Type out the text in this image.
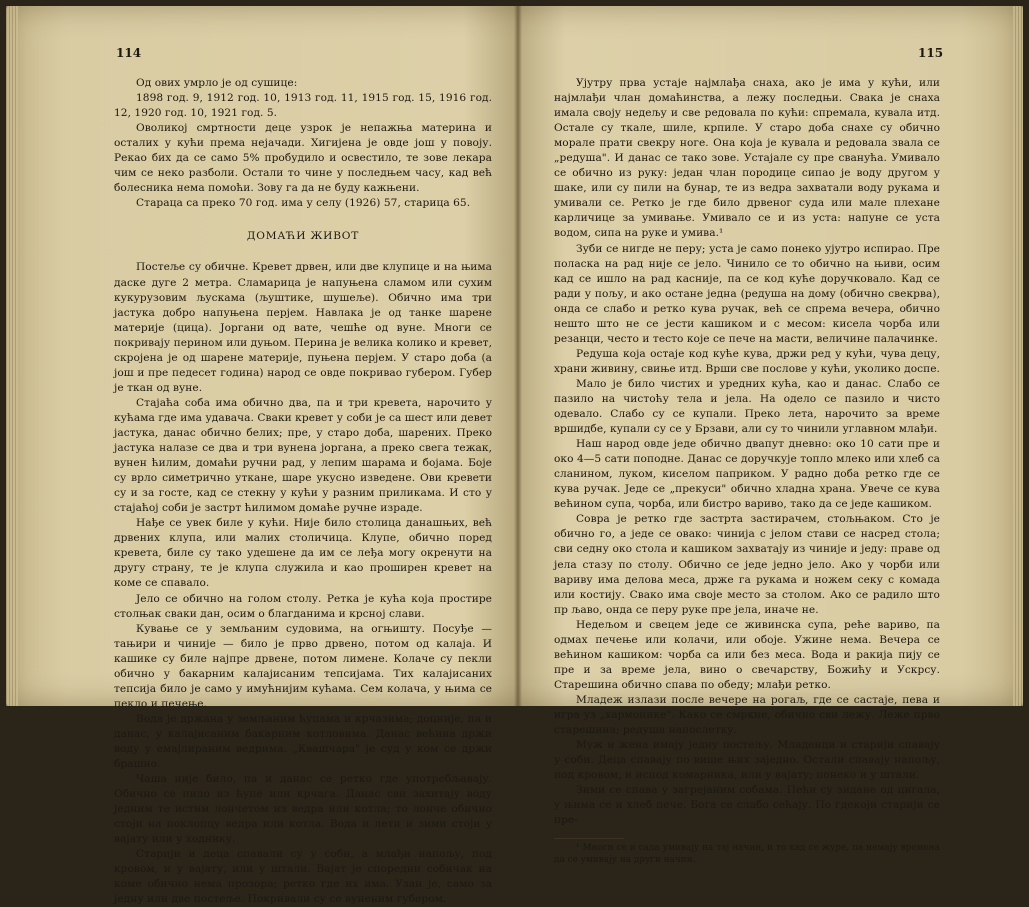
114

Од ових умрло је од сушице:

1898 год. 9, 1912 год. 10, 1913 год. 11, 1915 год. 15, 1916 год. 12, 1920 год. 10, 1921 год. 5.

Оволикој смртности деце узрок је непажња материна и осталих у кући према нејачади. Хигијена је овде још у повоју. Рекао бих да се само 5% пробудило и освестило, те зове лекара чим се неко разболи. Остали то чине у последњем часу, кад већ болесника нема помоћи. Зову га да не буду кажњени.

Стараца са преко 70 год. има у селу (1926) 57, старица 65.

ДОМАЋИ ЖИВОТ

Постеље су обичне. Кревет дрвен, или две клупице и на њима даске дуге 2 метра. Сламарица је напуњена сламом или сухим кукурузовим љускама (љуштике, шушеље). Обично има три јастука добро напуњена перјем. Навлака је од танке шарене материје (цица). Јоргани од вате, чешће од вуне. Многи се покривају перином или дуњом. Перина је велика колико и кревет, скројена је од шарене материје, пуњена перјем. У старо доба (а још и пре педесет година) народ се овде покривао губером. Губер је ткан од вуне.

Стајаћа соба има обично два, па и три кревета, нарочито у кућама где има удавача. Сваки кревет у соби је са шест или девет јастука, данас обично белих; пре, у старо доба, шарених. Преко јастука налазе се два и три вунена јоргана, а преко свега тежак, вунен ћилим, домаћи ручни рад, у лепим шарама и бојама. Боје су врло симетрично уткане, шаре укусно изведене. Ови кревети су и за госте, кад се стекну у кући у разним приликама. И сто у стајаћој соби је застрт ћилимом домаће ручне израде.

Нађе се увек биле у кући. Није било столица данашњих, већ дрвених клупа, или малих столичица. Клупе, обично поред кревета, биле су тако удешене да им се леђа могу окренути на другу страну, те је клупа служила и као проширен кревет на коме се спавало.

Јело се обично на голом столу. Ретка је кућа која простире столњак сваки дан, осим о благданима и крсној слави.

Кување се у земљаним судовима, на огњишту. Посуђе — тањири и чиније — било је прво дрвено, потом од калаја. И кашике су биле најпре дрвене, потом лимене. Колаче су пекли обично у бакарним калајисаним тепсијама. Тих калајисаних тепсија било је само у имућнијим кућама. Сем колача, у њима се пекло и печење.

Вода је држана у земљаним ћупама и крчазима; доцније, па и данас, у калајисаним бакарним котловима. Данас већина држи воду у емајлираним ведрима. „Квашчара" је суд у ком се држи брашно.

Чаша није било, па и данас се ретко где употребљавају. Обично се пило из ћупе или крчага. Данас сви захитају воду једним те истим лончетом из ведра или котла; то лонче обично стоји на поклопцу ведра или котла. Вода и лети и зими стоји у вајату или у ходнику.

Старији и деца спавали су у соби, а млађи напољу, под кровом, и у вајату, или у штали. Вајат је споредни собичак на коме обично нема прозора; ретко где их има. Узан је, само за једну или две постеље. Покривали су се вуненим губером.

115

Ујутру прва устаје најмлађа снаха, ако је има у кући, или најмлађи члан домаћинства, а лежу последњи. Свака је снаха имала своју недељу и све редовала по кући: спремала, кувала итд. Остале су ткале, шиле, крпиле. У старо доба снахе су обично морале прати свекру ноге. Она која је кувала и редовала звала се „редуша". И данас се тако зове. Устајале су пре сванућа. Умивало се обично из руку: један члан породице сипао је воду другом у шаке, или су пили на бунар, те из ведра захватали воду рукама и умивали се. Ретко је где било дрвеног суда или мале плехане карличице за умивање. Умивало се и из уста: напуне се уста водом, сипа на руке и умива.¹

Зуби се нигде не перу; уста је само понеко ујутро испирао. Пре поласка на рад није се јело. Чинило се то обично на њиви, осим кад се ишло на рад касније, па се код куће доручковало. Кад се ради у пољу, и ако остане једна (редуша на дому (обично свекрва), онда се слабо и ретко кува ручак, већ се спрема вечера, обично нешто што не се јести кашиком и с месом: кисела чорба или резанци, често и тесто које се пече на масти, величине палачинке.

Редуша која остаје код куће кува, држи ред у кући, чува децу, храни живину, свиње итд. Врши све послове у кући, уколико доспе.

Мало је било чистих и уредних кућа, као и данас. Слабо се пазило на чистоћу тела и јела. На одело се пазило и чисто одевало. Слабо су се купали. Преко лета, нарочито за време вршидбе, купали су се у Брзави, али су то чинили углавном млађи.

Наш народ овде једе обично двапут дневно: око 10 сати пре и око 4—5 сати поподне. Данас се доручкује топло млеко или хлеб са сланином, луком, киселом паприком. У радно доба ретко где се кува ручак. Једе се „прекуси" обично хладна храна. Увече се кува већином супа, чорба, или бистро вариво, тако да се једе кашиком.

Совра је ретко где застрта застирачем, стољњаком. Сто је обично го, а једе се овако: чинија с јелом стави се насред стола; сви седну око стола и кашиком захватају из чиније и једу: праве од јела стазу по столу. Обично се једе једно јело. Ако у чорби или вариву има делова меса, држе га рукама и ножем секу с комада или костију. Свако има своје место за столом. Ако се радило што пр љаво, онда се перу руке пре јела, иначе не.

Недељом и свецем једе се живинска супа, реће вариво, па одмах печење или колачи, или обоје. Ужине нема. Вечера се већином кашиком: чорба са или без меса. Вода и ракија пију се пре и за време јела, вино о свечарству, Божићу и Ускрсу. Старешина обично спава по обеду; млађи ретко.

Младеж излази после вечере на рогаљ, где се састаје, пева и игра уз „хармонике". Како се смркне, обично сви лежу. Леже прво старешина; редуша напослетку.

Муж и жена имају једну постељу. Младенци и старији спавају у соби. Деца спавају по више њих заједно. Остали спавају напољу, под кровом, и испод комарника, или у вајату; понеко и у штали.

Зими се спава у загрејаним собама. Пећи су зидане од цигала, у њима се и хлеб пече. Бога се слабо сећају. По гдекоји старији се пре-

¹ Многи се и сада умивају на тај начин, и то кад се журе, па немају времена да се умивају на други начин.
